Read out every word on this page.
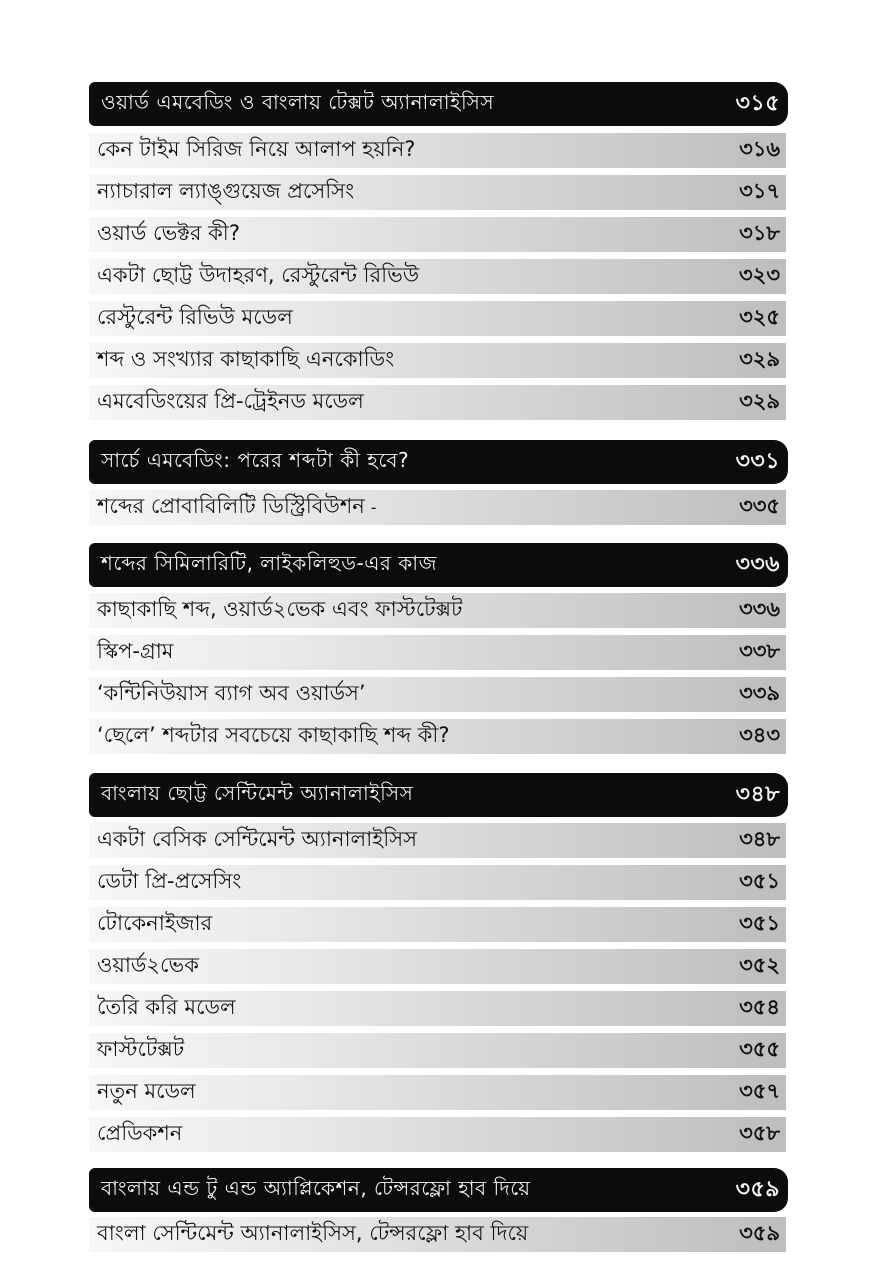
ওয়ার্ড এমবেডিং ও বাংলায় টেক্সট অ্যানালাইসিস	৩১৫
কেন টাইম সিরিজ নিয়ে আলাপ হয়নি?	৩১৬
ন্যাচারাল ল্যাঙ্গুয়েজ প্রসেসিং	৩১৭
ওয়ার্ড ভেক্টর কী?	৩১৮
একটা ছোট্ট উদাহরণ, রেস্টুরেন্ট রিভিউ	৩২৩
রেস্টুরেন্ট রিভিউ মডেল	৩২৫
শব্দ ও সংখ্যার কাছাকাছি এনকোডিং	৩২৯
এমবেডিংয়ের প্রি-ট্রেইনড মডেল	৩২৯
সার্চে এমবেডিং: পরের শব্দটা কী হবে?	৩৩১
শব্দের প্রোবাবিলিটি ডিস্ট্রিবিউশন -	৩৩৫
শব্দের সিমিলারিটি, লাইকলিহুড-এর কাজ	৩৩৬
কাছাকাছি শব্দ, ওয়ার্ড২ভেক এবং ফাস্টটেক্সট	৩৩৬
স্কিপ-গ্রাম	৩৩৮
‘কন্টিনিউয়াস ব্যাগ অব ওয়ার্ডস’	৩৩৯
‘ছেলে’ শব্দটার সবচেয়ে কাছাকাছি শব্দ কী?	৩৪৩
বাংলায় ছোট্ট সেন্টিমেন্ট অ্যানালাইসিস	৩৪৮
একটা বেসিক সেন্টিমেন্ট অ্যানালাইসিস	৩৪৮
ডেটা প্রি-প্রসেসিং	৩৫১
টোকেনাইজার	৩৫১
ওয়ার্ড২ভেক	৩৫২
তৈরি করি মডেল	৩৫৪
ফাস্টটেক্সট	৩৫৫
নতুন মডেল	৩৫৭
প্রেডিকশন	৩৫৮
বাংলায় এন্ড টু এন্ড অ্যাপ্লিকেশন, টেন্সরফ্লো হাব দিয়ে	৩৫৯
বাংলা সেন্টিমেন্ট অ্যানালাইসিস, টেন্সরফ্লো হাব দিয়ে	৩৫৯
